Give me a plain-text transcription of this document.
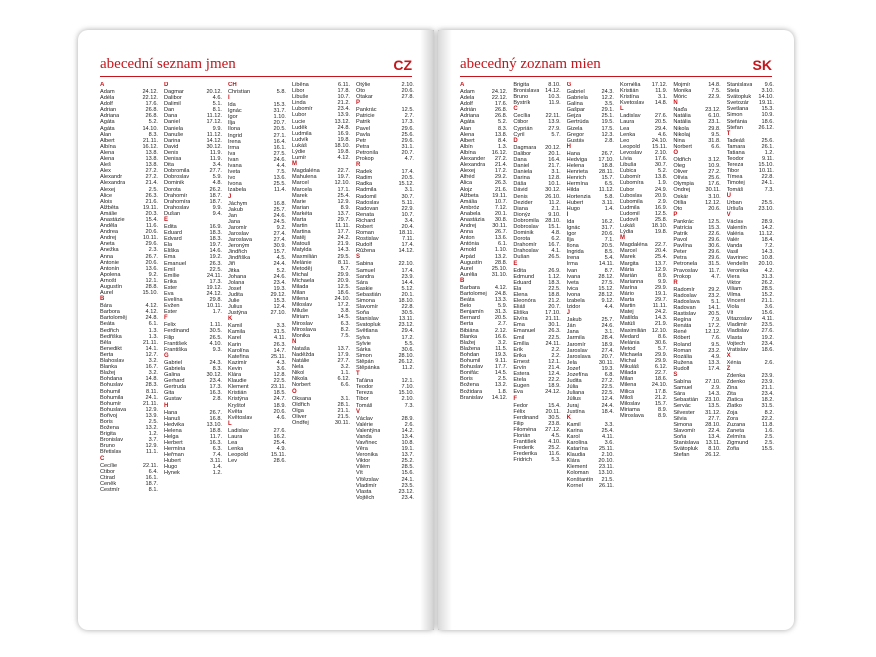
abecední seznam jmen	CZ
A
Adam	24.12.
Adéla	22.12.
Adolf	17.6.
Adrian	26.8.
Adriana	26.8.
Agáta	5.2.
Agáta	14.10.
Alan	8.3.
Albert	21.11.
Albína	16.12.
Alena	13.8.
Alena	13.8.
Aleš	13.8.
Alex	27.2.
Alexandr	27.2.
Alexandra	21.4.
Alexej	2.5.
Alice	26.3.
Alois	21.6.
Alžběta	19.11.
Amálie	20.3.
Anastázie	15.4.
Anděla	11.6.
Andrea	20.6.
Andrej	10.11.
Aneta	29.6.
Anežka	2.3.
Anna	26.7.
Antonie	20.6.
Antonín	13.6.
Apolena	9.2.
Arnošt	12.1.
Augustín	28.8.
Aurel	15.10.
B
Bára	4.12.
Barbora	4.12.
Bartoloměj	24.8.
Beáta	6.1.
Bedřich	1.3.
Bedřiška	1.3.
Běla	21.11.
Benedikt	14.1.
Berta	12.7.
Blahoslav	3.2.
Blanka	16.7.
Blažej	3.2.
Bohdana	14.8.
Bohuslav	28.3.
Bohumil	8.11.
Bohumila	24.1.
Bohumír	21.11.
Bohuslava	12.9.
Bořivoj	13.9.
Boris	2.5.
Božena	13.2.
Brigita	1.2.
Bronislav	3.7.
Bruno	12.9.
Břetislav	11.1.
C
Cecílie	22.11.
Ctibor	6.4.
Ctirad	16.1.
Čeněk	18.7.
Čestmír	8.1.
D
Dagmar	20.12.
Dalibor	4.6.
Dalimil	5.1.
Dan	8.1.
Dana	11.12.
Daniel	17.12.
Daniela	9.9.
Danuše	11.12.
Darina	14.12.
David	30.12.
Denis	11.9.
Denisa	11.9.
Dita	3.4.
Dobromila	27.7.
Dobroslav	5.9.
Dominik	4.8.
Dorota	26.2.
Drahomír	18.7.
Drahomíra	18.7.
Drahoslav	9.9.
Dušan	9.4.
E
Edita	16.9.
Eduard	18.3.
Edvard	18.3.
Ela	19.7.
Eliška	14.6.
Ema	19.2.
Emanuel	26.3.
Emil	22.5.
Emílie	24.11.
Erika	17.3.
Ester	19.12.
Eva	24.12.
Evelína	29.8.
Evžen	10.11.
Ester	1.7.
F
Felix	1.11.
Ferdinand	30.5.
Filip	26.5.
František	4.10.
Františka	9.3.
G
Gabriel	24.3.
Gabriela	8.3.
Galina	30.12.
Gerhard	23.4.
Gertruda	17.3.
Gita	16.3.
Gustav	2.8.
H
Hana	26.7.
Hanuš	16.8.
Hedvika	13.10.
Helena	18.8.
Helga	11.7.
Herbert	16.3.
Hermína	6.3.
Heřman	7.4.
Hubert	3.11.
Hugo	1.4.
Hynek	1.2.
CH
Christian	5.8.
I
Ida	15.3.
Ignác	31.7.
Igor	1.10.
Ilja	20.7.
Ilona	20.5.
Ingrid	27.1.
Irena	16.4.
Irma	16.1.
Iva	27.5.
Ivan	24.6.
Ivana	4.4.
Iveta	7.5.
Ivo	13.6.
Ivona	25.5.
Izabela	11.4.
J
Jáchym	16.8.
Jakub	25.7.
Jan	24.6.
Jana	24.5.
Jaromír	9.2.
Jaroslav	27.4.
Jaroslava	27.4.
Jeroným	30.9.
Jindřich	15.7.
Jindřiška	4.5.
Jiří	24.4.
Jitka	5.2.
Johana	24.6.
Jolana	23.4.
Josef	19.3.
Judita	29.12.
Julie	15.3.
Julius	12.4.
Justýna	27.10.
K
Kamil	3.3.
Kamila	31.5.
Karel	4.11.
Karin	26.3.
Karolína	14.7.
Kateřina	25.11.
Kazimír	4.3.
Kevin	3.6.
Klára	12.8.
Klaudie	22.5.
Klement	23.11.
Kristián	18.5.
Kristýna	24.7.
Kryštof	18.9.
Květa	20.6.
Květoslav	4.6.
L
Ladislav	27.6.
Laura	16.2.
Lea	25.4.
Lenka	4.9.
Leopold	15.11.
Lev	28.6.
Liběna	6.11.
Libor	17.8.
Libuše	10.7.
Linda	21.2.
Lubomír	23.4.
Lubor	13.9.
Lucie	13.12.
Luděk	24.8.
Ludmila	16.9.
Ludvík	19.8.
Lukáš	18.10.
Lýdie	19.8.
Lumír	4.12.
M
Magdaléna	22.7.
Mahulena	19.7.
Marcel	12.10.
Marcela	17.1.
Marek	25.4.
Marie	12.9.
Marian	8.9.
Markéta	13.7.
Marta	29.7.
Martin	11.11.
Martina	17.7.
Matěj	24.2.
Matouš	21.9.
Matylda	14.3.
Maxmilián	29.5.
Melánie	8.11.
Metoděj	5.7.
Michal	29.9.
Michaela	20.9.
Milada	12.5.
Milan	18.6.
Milena	24.10.
Miloslav	17.2.
Miluše	3.8.
Miriam	14.5.
Miroslav	6.3.
Miroslava	8.2.
Monika	7.5.
N
Nataša	13.7.
Naděžda	17.9.
Natálie	27.7.
Nela	3.2.
Nikol	1.1.
Nikola	6.12.
Norbert	6.6.
O
Oksana	3.1.
Oldřich	28.1.
Olga	21.1.
Oliver	21.5.
Ondřej	30.11.
Otýlie	2.10.
Oto	20.6.
Otakar	27.8.
P
Pankrác	12.5.
Patricie	2.7.
Patrik	17.3.
Pavel	29.6.
Pavla	25.6.
Petr	29.6.
Petra	31.1.
Petronila	20.7.
Prokop	4.7.
R
Radek	17.4.
Radim	20.5.
Radka	15.12.
Radmila	3.1.
Radomil	30.7.
Radoslav	5.11.
Radovan	22.9.
Renata	10.7.
Richard	3.4.
Robert	20.4.
Roman	18.11.
Rostislav	7.11.
Rudolf	17.4.
Růžena	14.12.
S
Sabina	22.10.
Samuel	17.4.
Sandra	23.9.
Sára	14.4.
Saskie	5.12.
Sebastián	20.1.
Simona	18.10.
Slavomír	22.8.
Soňa	30.5.
Stanislav	13.11.
Svatopluk	23.12.
Světlana	29.4.
Sylva	17.2.
Sylvie	5.5.
Šárka	30.6.
Šimon	28.10.
Štěpán	26.12.
Štěpánka	11.2.
T
Taťána	12.1.
Teodor	7.10.
Tereza	15.10.
Tibor	2.10.
Tomáš	7.3.
V
Václav	28.9.
Valérie	2.6.
Valentýna	14.2.
Vanda	13.4.
Vavřinec	10.8.
Věra	19.1.
Veronika	13.7.
Viktor	25.2.
Vilém	28.5.
Vít	15.6.
Vítězslav	24.1.
Vladimír	23.5.
Vlasta	23.12.
Vojtěch	23.4.
abecedný zoznam mien	SK
A
Adam	24.12.
Adela	22.12.
Adolf	17.6.
Adrián	26.8.
Adriana	26.8.
Agáta	5.2.
Alan	8.3.
Alena	13.8.
Albert	8.4.
Albín	1.3.
Albína	16.12.
Alexander	27.2.
Alexandra	21.4.
Alexej	17.2.
Alfréd	29.2.
Alica	26.3.
Alojz	21.6.
Alžbeta	19.11.
Amália	10.7.
Ambróz	7.12.
Anabela	20.1.
Anastázia	30.8.
Andrej	30.11.
Anna	26.7.
Anton	13.6.
Antónia	6.1.
Arnold	1.10.
Arpád	13.2.
Augustín	28.8.
Aurel	25.10.
Aurélia	31.10.
B
Barbara	4.12.
Bartolomej	24.8.
Beáta	13.3.
Belo	5.9.
Benjamín	31.3.
Bernard	20.5.
Berta	2.7.
Bibiána	2.12.
Blanka	16.6.
Blažej	3.2.
Blažena	11.5.
Bohdan	19.3.
Bohumil	9.11.
Bohuslav	17.7.
Bonifác	14.5.
Boris	2.5.
Božena	13.2.
Božidara	1.8.
Branislav	14.12.
Brigita	8.10.
Bronislava	14.12.
Bruno	10.3.
Bystrík	11.9.
C
Cecília	22.11.
Ctibor	13.9.
Cyprián	27.9.
Cyril	5.7.
D
Dagmara	20.12.
Dalibor	20.1.
Dana	16.4.
Daniel	21.7.
Daniela	3.1.
Darina	12.8.
Dáša	10.1.
Dávid	30.12.
Denis	26.10.
Dezider	11.2.
Diana	2.1.
Dionýz	9.10.
Dobromila	28.10.
Dobroslav	15.1.
Dominik	4.8.
Dorota	6.2.
Drahomír	16.7.
Drahoslav	4.1.
Dušan	26.5.
E
Edita	26.9.
Edmund	1.12.
Eduard	18.3.
Ela	22.5.
Elena	18.8.
Eleonóra	21.2.
Eliáš	20.7.
Eliška	17.10.
Elvíra	21.11.
Ema	30.1.
Emanuel	26.3.
Emil	22.5.
Emília	24.11.
Erik	2.2.
Erika	2.2.
Ernest	12.1.
Ervín	21.4.
Estera	12.4.
Etela	22.2.
Eugen	18.9.
Eva	24.12.
F
Fedor	15.4.
Félix	20.11.
Ferdinand	30.5.
Filip	23.8.
Filoména	27.12.
Florián	4.5.
František	4.10.
Frederik	25.2.
Frederika	11.6.
Fridrich	5.3.
G
Gabriel	24.3.
Gabriela	12.2.
Galina	3.5.
Gašpar	29.1.
Gejza	25.1.
Gertrúda	19.5.
Gizela	17.5.
Gregor	12.3.
Gustáv	2.8.
H
Hana	26.7.
Hedviga	17.10.
Helena	18.8.
Henrieta	28.11.
Henrich	15.7.
Hermína	6.5.
Hilda	11.12.
Hortenzia	5.8.
Hubert	3.11.
Hugo	1.4.
I
Ida	16.2.
Ignác	31.7.
Igor	20.6.
Ilja	7.1.
Ilona	20.5.
Ingrida	8.5.
Irena	5.4.
Irma	14.11.
Ivan	8.7.
Ivana	28.12.
Iveta	27.5.
Ivica	15.12.
Ivona	28.12.
Izabela	9.12.
Izidor	4.4.
J
Jakub	25.7.
Ján	24.6.
Jana	3.1.
Jarmila	28.4.
Jaromír	18.9.
Jaroslav	27.4.
Jaroslava	20.7.
Jela	30.11.
Jozef	19.3.
Jozefína	6.8.
Judita	27.2.
Júlia	22.5.
Juliana	22.5.
Július	12.4.
Juraj	24.4.
Justína	18.4.
K
Kamil	3.3.
Karina	25.4.
Karol	4.11.
Karolína	3.6.
Katarína	25.11.
Klaudia	2.10.
Klára	20.10.
Klement	23.11.
Koloman	13.10.
Konštantín	21.5.
Kornel	26.11.
Kornélia	17.12.
Kristián	11.9.
Kristína	3.1.
Kvetoslav	14.8.
L
Ladislav	27.6.
Laura	20.5.
Lea	29.4.
Lenka	4.6.
Leo	24.10.
Leopold	15.11.
Levoslav	2.10.
Lívia	17.6.
Libuša	30.7.
Ľubica	5.2.
Ľubomír	13.8.
Ľubomíra	1.9.
Ľubor	24.9.
Ľuboslav	20.9.
Ľubomila	2.9.
Ľudmila	16.9.
Ľudomil	12.5.
Ľudovít	25.8.
Lukáš	18.10.
Lýdia	19.8.
M
Magdaléna	22.7.
Marcel	20.4.
Marek	25.4.
Margita	13.7.
Mária	12.9.
Marián	8.9.
Marianna	9.9.
Marína	29.9.
Mário	19.1.
Marta	29.7.
Martin	11.11.
Matej	24.2.
Matilda	14.3.
Matúš	21.9.
Maximilián 12.10.
Medard	8.6.
Melánia	30.6.
Metod	5.7.
Michaela	29.9.
Michal	29.9.
Mikuláš	6.12.
Milada	22.7.
Milan	18.6.
Milena	24.10.
Milica	17.8.
Miloš	21.2.
Miloslav	15.7.
Miriama	8.9.
Miroslava	8.9.
Mojmír	14.8.
Monika	7.5.
Móric	22.9.
N
Naďa	23.12.
Natália	6.10.
Natália	23.1.
Nikola	29.8.
Nikolaj	9.5.
Nina	31.8.
Norbert	6.6.
O
Oldřich	3.12.
Oleg	10.9.
Oliver	27.2.
Olívia	25.6.
Olympia	17.6.
Ondrej	30.11.
Oskár	3.10.
Otília	12.12.
Oto	20.6.
P
Pankrác	12.5.
Patrícia	15.3.
Patrik	22.6.
Pavol	29.6.
Pavlína	30.6.
Peter	29.6.
Petra	29.6.
Petronela	31.5.
Pravoslav	11.7.
Prokop	4.7.
R
Radomír	29.2.
Radoslav	23.2.
Radoslava	5.1.
Radovan	14.1.
Rastislav	20.5.
Regína	7.9.
Renáta	17.2.
René	12.12.
Róbert	7.6.
Roland	9.5.
Roman	23.2.
Rozália	4.9.
Ružena	13.3.
Rudolf	17.4.
S
Sabína	27.10.
Samuel	2.9.
Sára	14.3.
Sebastián	23.10.
Servác	13.5.
Silvester	31.12.
Silvia	27.7.
Simona	28.10.
Slavomír	22.4.
Soňa	13.4.
Stanislava	13.11.
Svätopluk	8.10.
Štefan	26.12.
Stanislava	9.6.
Stela	3.10.
Svätopluk	14.10.
Svetozár	19.11.
Svetlana	15.3.
Šimon	10.9.
Štefánia	18.6.
Štefan	26.12.
T
Tadeáš	25.6.
Tamara	26.1.
Tatiana	1.2.
Teodor	9.11.
Tereza	15.10.
Tibor	10.11.
Tímea	22.8.
Timotej	24.1.
Tomáš	7.3.
U
Urban	25.5.
Uršuľa	23.10.
V
Václav	28.9.
Valentín	14.2.
Valéria	11.12.
Valér	18.4.
Vanda	7.2.
Vasil	14.3.
Vavrinec	10.8.
Vendelín	20.10.
Veronika	4.2.
Viera	31.3.
Viktor	26.2.
Viliam	28.5.
Vilma	15.2.
Vincent	21.1.
Viola	3.6.
Vít	15.6.
Vitazoslav	4.11.
Vladimír	23.5.
Vladislav	27.6.
Vlasta	19.2.
Vojtech	23.4.
Vratislav	18.6.
X
Xénia	2.6.
Z
Zdenka	23.9.
Zdenko	23.9.
Zina	21.1.
Zita	23.4.
Zlatica	18.2.
Zlatko	31.5.
Zoja	8.2.
Zora	22.2.
Zuzana	11.8.
Žaneta	1.6.
Želmíra	2.5.
Žigmund	2.5.
Žofia	15.5.
